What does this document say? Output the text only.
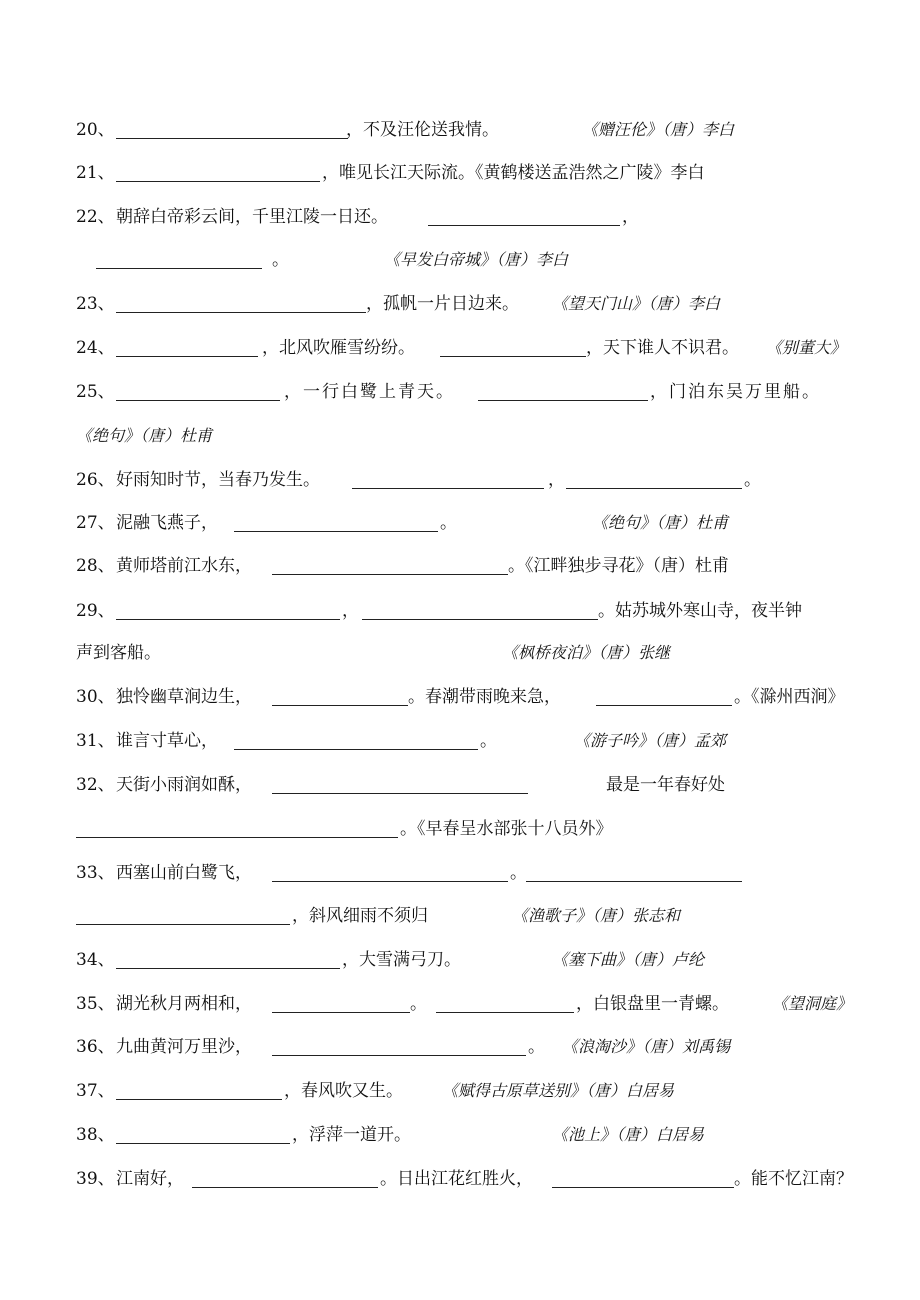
20、	，不及汪伦送我情。	《赠汪伦》（唐）李白
21、	，唯见长江天际流。《黄鹤楼送孟浩然之广陵》李白
22、 朝辞白帝彩云间，千里江陵一日还。	，
。	《早发白帝城》（唐）李白
23、	，孤帆一片日边来。 《望天门山》（唐）李白
24、	，北风吹雁雪纷纷。	，天下谁人不识君。 《别董大》
25、	，一行白鹭上青天。	，门泊东吴万里船。
《绝句》（唐）杜甫
26、 好雨知时节，当春乃发生。	，	。
27、 泥融飞燕子，	。	《绝句》（唐）杜甫
28、 黄师塔前江水东，	。《江畔独步寻花》（唐）杜甫
29、	，	。姑苏城外寒山寺，夜半钟
声到客船。	《枫桥夜泊》（唐）张继
30、 独怜幽草涧边生，	。春潮带雨晚来急，	。《滁州西涧》
31、 谁言寸草心，	。	《游子吟》（唐）孟郊
32、 天街小雨润如酥，	最是一年春好处
。《早春呈水部张十八员外》
33、 西塞山前白鹭飞，	。
，斜风细雨不须归	《渔歌子》（唐）张志和
34、	，大雪满弓刀。	《塞下曲》（唐）卢纶
35、 湖光秋月两相和，	。	，白银盘里一青螺。	《望洞庭》
36、 九曲黄河万里沙，	。 《浪淘沙》（唐）刘禹锡
37、	，春风吹又生。 《赋得古原草送别》（唐）白居易
38、	，浮萍一道开。	《池上》（唐）白居易
39、 江南好，	。日出江花红胜火，	。能不忆江南？
